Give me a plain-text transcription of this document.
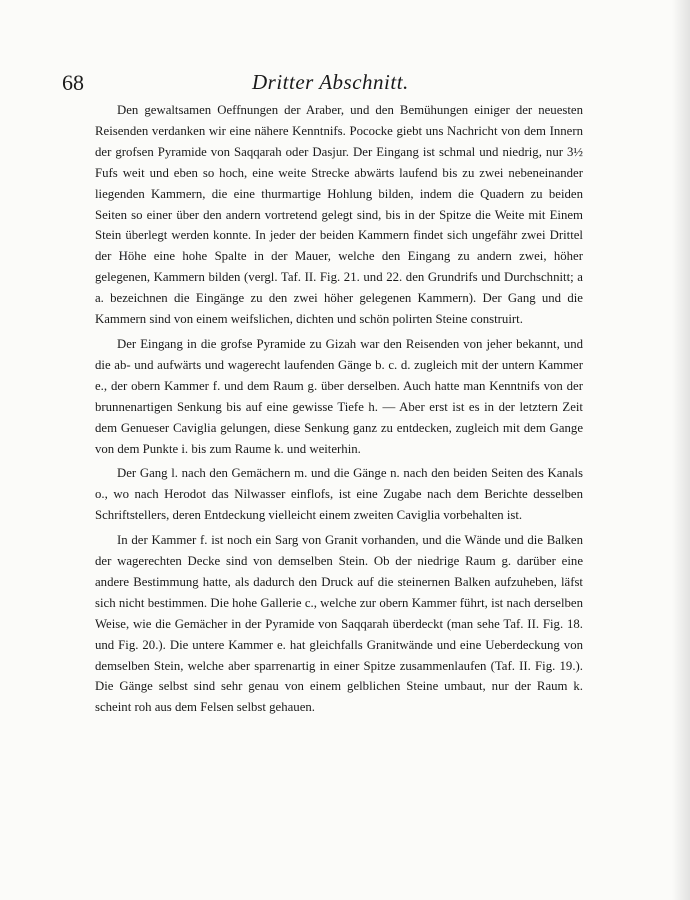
68	Dritter Abschnitt.

Den gewaltsamen Oeffnungen der Araber, und den Bemühungen einiger der neuesten Reisenden verdanken wir eine nähere Kenntnifs. Pococke giebt uns Nachricht von dem Innern der grofsen Pyramide von Saqqarah oder Dasjur. Der Eingang ist schmal und niedrig, nur 3½ Fufs weit und eben so hoch, eine weite Strecke abwärts laufend bis zu zwei nebeneinander liegenden Kammern, die eine thurmartige Hohlung bilden, indem die Quadern zu beiden Seiten so einer über den andern vortretend gelegt sind, bis in der Spitze die Weite mit Einem Stein überlegt werden konnte. In jeder der beiden Kammern findet sich ungefähr zwei Drittel der Höhe eine hohe Spalte in der Mauer, welche den Eingang zu andern zwei, höher gelegenen, Kammern bilden (vergl. Taf. II. Fig. 21. und 22. den Grundrifs und Durchschnitt; a a. bezeichnen die Eingänge zu den zwei höher gelegenen Kammern). Der Gang und die Kammern sind von einem weifslichen, dichten und schön polirten Steine construirt.

Der Eingang in die grofse Pyramide zu Gizah war den Reisenden von jeher bekannt, und die ab- und aufwärts und wagerecht laufenden Gänge b. c. d. zugleich mit der untern Kammer e., der obern Kammer f. und dem Raum g. über derselben. Auch hatte man Kenntnifs von der brunnenartigen Senkung bis auf eine gewisse Tiefe h. — Aber erst ist es in der letztern Zeit dem Genueser Caviglia gelungen, diese Senkung ganz zu entdecken, zugleich mit dem Gange von dem Punkte i. bis zum Raume k. und weiterhin.

Der Gang l. nach den Gemächern m. und die Gänge n. nach den beiden Seiten des Kanals o., wo nach Herodot das Nilwasser einflofs, ist eine Zugabe nach dem Berichte desselben Schriftstellers, deren Entdeckung vielleicht einem zweiten Caviglia vorbehalten ist.

In der Kammer f. ist noch ein Sarg von Granit vorhanden, und die Wände und die Balken der wagerechten Decke sind von demselben Stein. Ob der niedrige Raum g. darüber eine andere Bestimmung hatte, als dadurch den Druck auf die steinernen Balken aufzuheben, läfst sich nicht bestimmen. Die hohe Gallerie c., welche zur obern Kammer führt, ist nach derselben Weise, wie die Gemächer in der Pyramide von Saqqarah überdeckt (man sehe Taf. II. Fig. 18. und Fig. 20.). Die untere Kammer e. hat gleichfalls Granitwände und eine Ueberdeckung von demselben Stein, welche aber sparrenartig in einer Spitze zusammenlaufen (Taf. II. Fig. 19.). Die Gänge selbst sind sehr genau von einem gelblichen Steine umbaut, nur der Raum k. scheint roh aus dem Felsen selbst gehauen.
